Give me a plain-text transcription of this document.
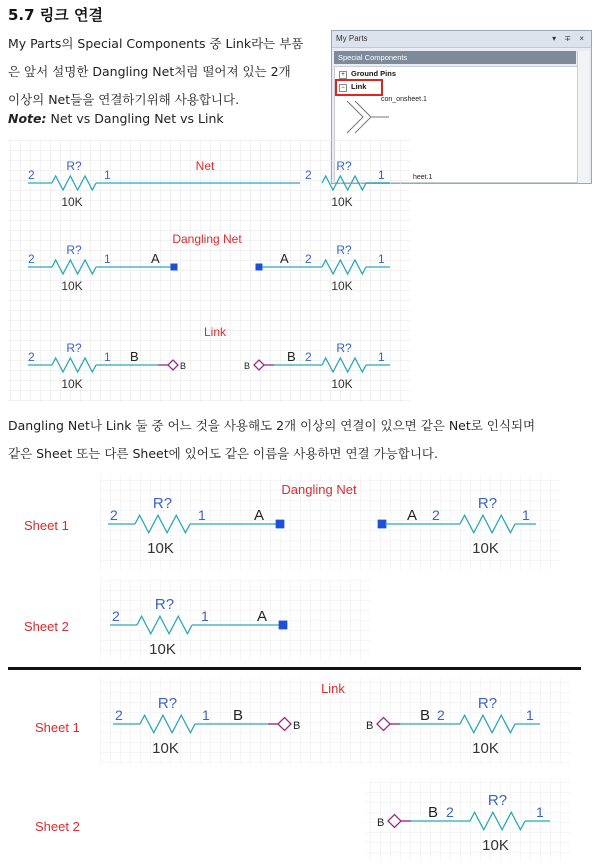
5.7 링크 연결
My Parts의 Special Components 중 Link라는 부품
은 앞서 설명한 Dangling Net처럼 떨어져 있는 2개
이상의 Net들을 연결하기위해 사용합니다.
Note: Net vs Dangling Net vs Link
My Parts	▾ ∓ ×
Special Components
+ Ground Pins
− Link
con_onsheet.1
heet.1
2
R?
10K
1
Net
2
R?
10K
1
Dangling Net
2
R?
10K
1	A	A 2
R?
10K
1
Link
2
R?
10K
1 B
B	B
B 2
R?
10K
1
Dangling Net나 Link 둘 중 어느 것을 사용해도 2개 이상의 연결이 있으면 같은 Net로 인식되며
같은 Sheet 또는 다른 Sheet에 있어도 같은 이름을 사용하면 연결 가능합니다.
Sheet 1
Sheet 2
Dangling Net
2
R?
10K
1	A	A 2
R?
10K
1
2
R?
10K
1	A
Sheet 1
Sheet 2
Link
2
R?
10K
1 B
B	B
B 2
R?
10K
1
B
B 2
R?
10K
1
